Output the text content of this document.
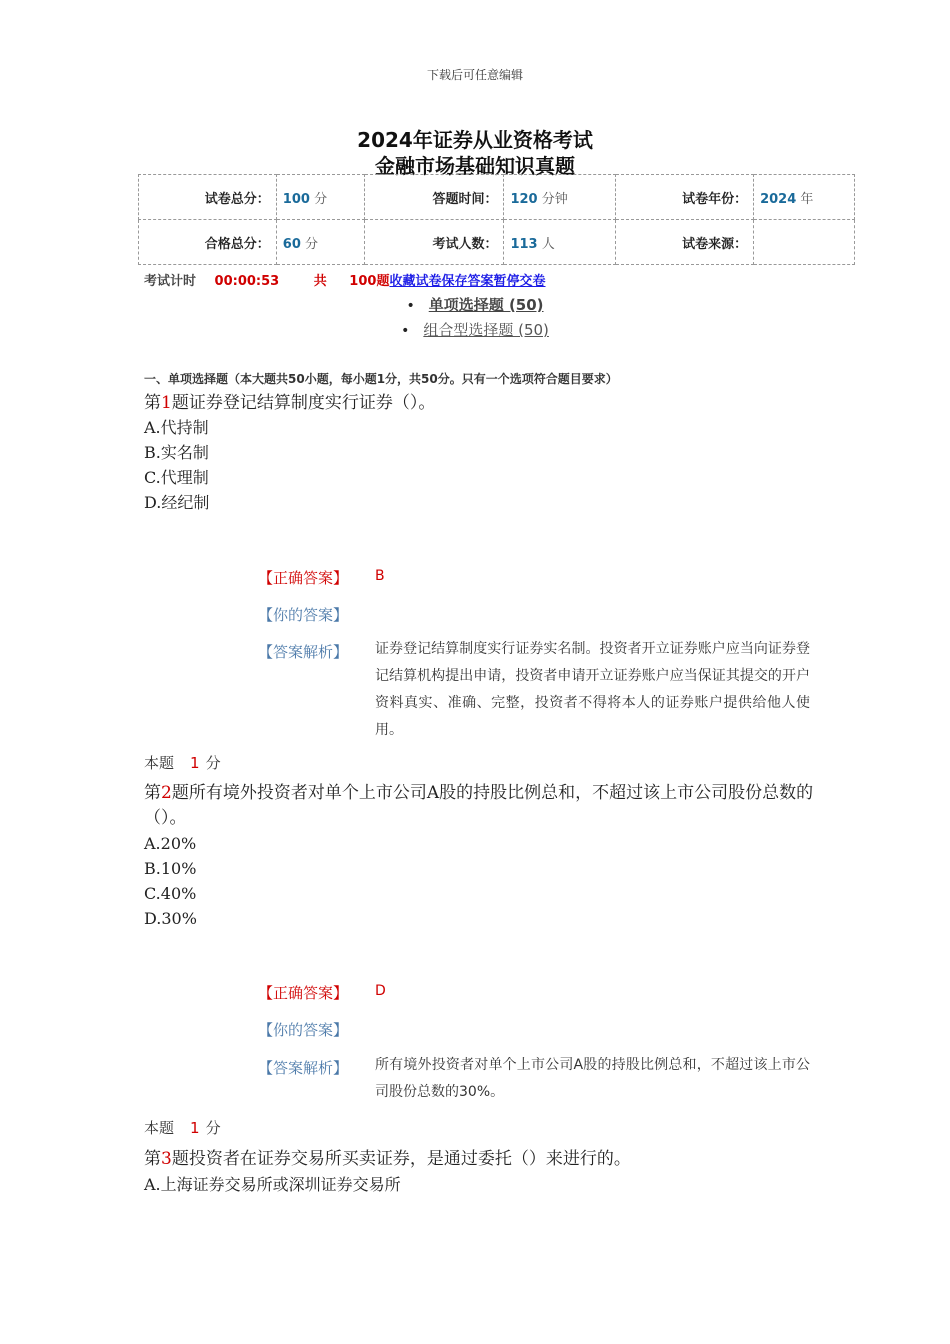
下载后可任意编辑
2024年证券从业资格考试
金融市场基础知识真题
试卷总分：	100 分	答题时间：	120 分钟	试卷年份：	2024 年
合格总分：	60 分	考试人数：	113 人	试卷来源：	
考试计时 00:00:53	共 100题收藏试卷保存答案暂停交卷
• 单项选择题 (50)
• 组合型选择题 (50)
一、单项选择题（本大题共50小题，每小题1分，共50分。只有一个选项符合题目要求）
第1题证券登记结算制度实行证券（）。
A.代持制
B.实名制
C.代理制
D.经纪制
【正确答案】 B
【你的答案】
【答案解析】 证券登记结算制度实行证券实名制。投资者开立证券账户应当向证券登记结算机构提出申请，投资者申请开立证券账户应当保证其提交的开户资料真实、准确、完整，投资者不得将本人的证券账户提供给他人使用。
本题 1 分
第2题所有境外投资者对单个上市公司A股的持股比例总和，不超过该上市公司股份总数的（）。
A.20%
B.10%
C.40%
D.30%
【正确答案】 D
【你的答案】
【答案解析】 所有境外投资者对单个上市公司A股的持股比例总和，不超过该上市公司股份总数的30%。
本题 1 分
第3题投资者在证券交易所买卖证券，是通过委托（）来进行的。
A.上海证券交易所或深圳证券交易所
